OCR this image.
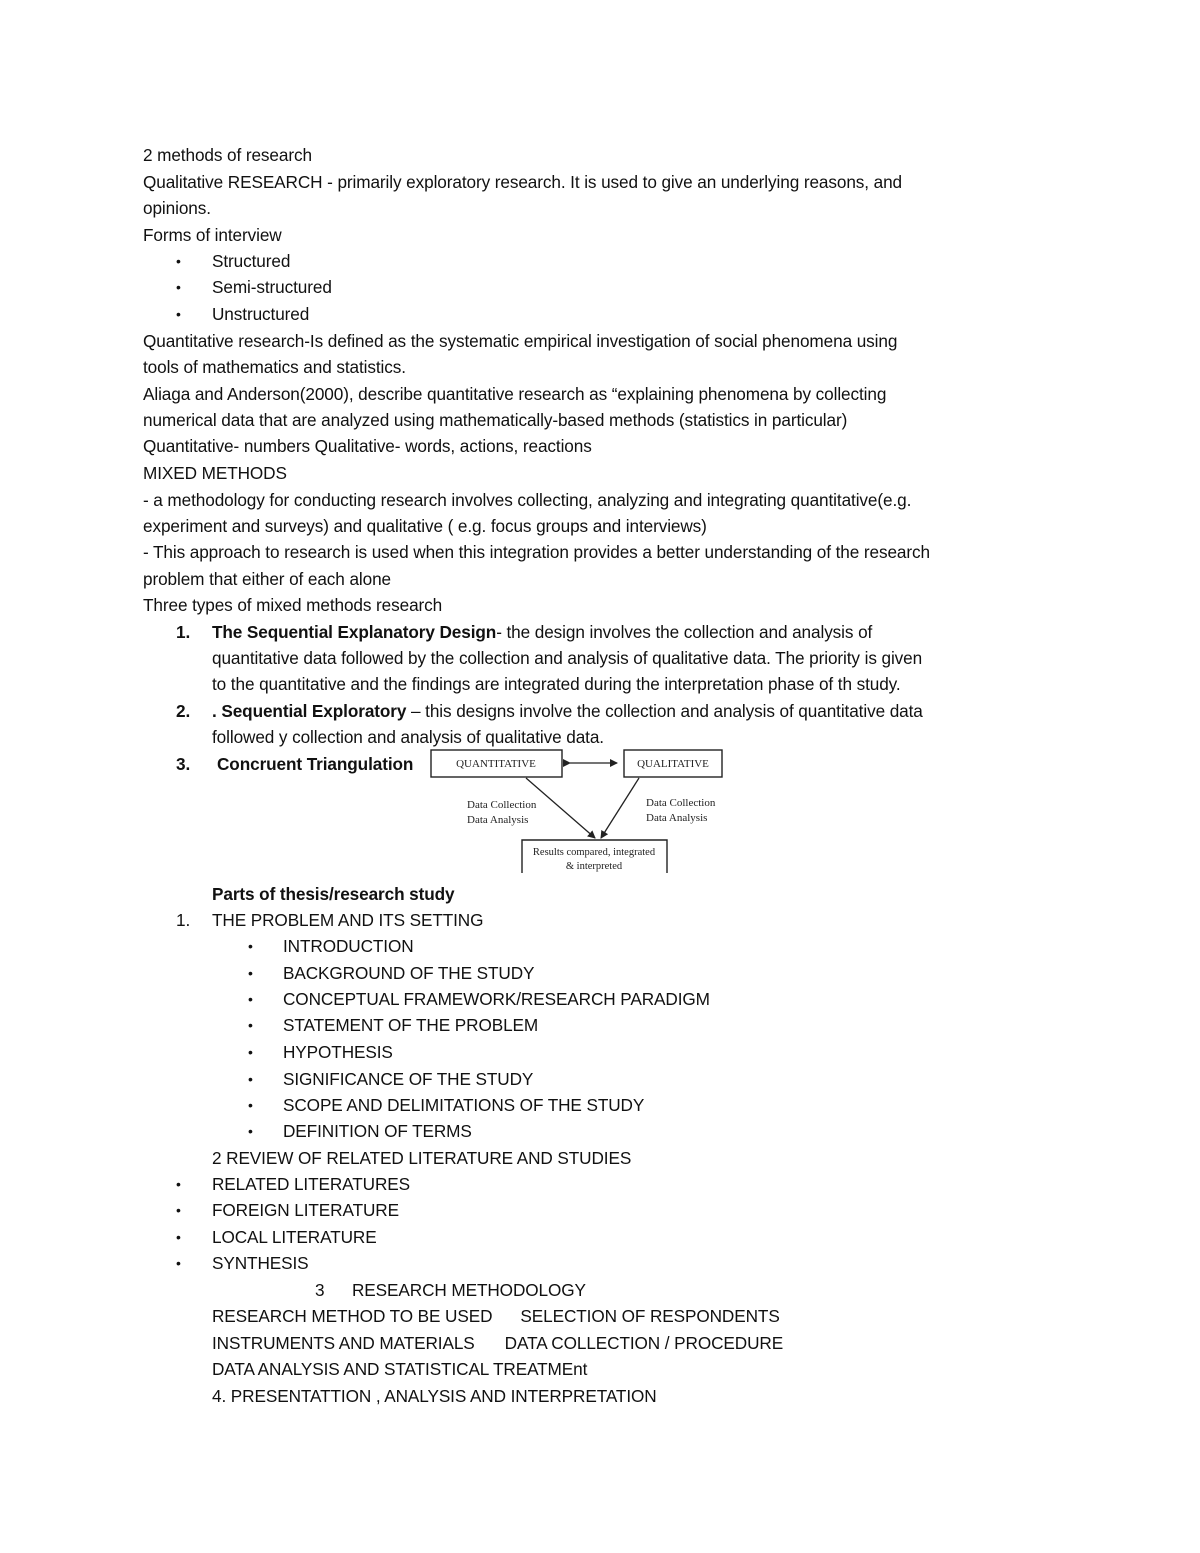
2 methods of research
Qualitative RESEARCH - primarily exploratory research. It is used to give an underlying reasons, and
opinions.
Forms of interview
• Structured
• Semi-structured
• Unstructured
Quantitative research-Is defined as the systematic empirical investigation of social phenomena using
tools of mathematics and statistics.
Aliaga and Anderson(2000), describe quantitative research as “explaining phenomena by collecting
numerical data that are analyzed using mathematically-based methods (statistics in particular)
Quantitative- numbers Qualitative- words, actions, reactions
MIXED METHODS
- a methodology for conducting research involves collecting, analyzing and integrating quantitative(e.g.
experiment and surveys) and qualitative ( e.g. focus groups and interviews)
- This approach to research is used when this integration provides a better understanding of the research
problem that either of each alone
Three types of mixed methods research
1. The Sequential Explanatory Design- the design involves the collection and analysis of
quantitative data followed by the collection and analysis of qualitative data. The priority is given
to the quantitative and the findings are integrated during the interpretation phase of th study.
2. . Sequential Exploratory – this designs involve the collection and analysis of quantitative data
followed y collection and analysis of qualitative data.
3. Concruent Triangulation	QUANTITATIVE	QUALITATIVE
Data Collection
Data Analysis
Data Collection
Data Analysis
Results compared, integrated
& interpreted
Parts of thesis/research study
1. THE PROBLEM AND ITS SETTING
• INTRODUCTION
• BACKGROUND OF THE STUDY
• CONCEPTUAL FRAMEWORK/RESEARCH PARADIGM
• STATEMENT OF THE PROBLEM
• HYPOTHESIS
• SIGNIFICANCE OF THE STUDY
• SCOPE AND DELIMITATIONS OF THE STUDY
• DEFINITION OF TERMS
2 REVIEW OF RELATED LITERATURE AND STUDIES
• RELATED LITERATURES
• FOREIGN LITERATURE
• LOCAL LITERATURE
• SYNTHESIS
3 RESEARCH METHODOLOGY
RESEARCH METHOD TO BE USED SELECTION OF RESPONDENTS
INSTRUMENTS AND MATERIALS DATA COLLECTION / PROCEDURE
DATA ANALYSIS AND STATISTICAL TREATMEnt
4. PRESENTATTION , ANALYSIS AND INTERPRETATION
